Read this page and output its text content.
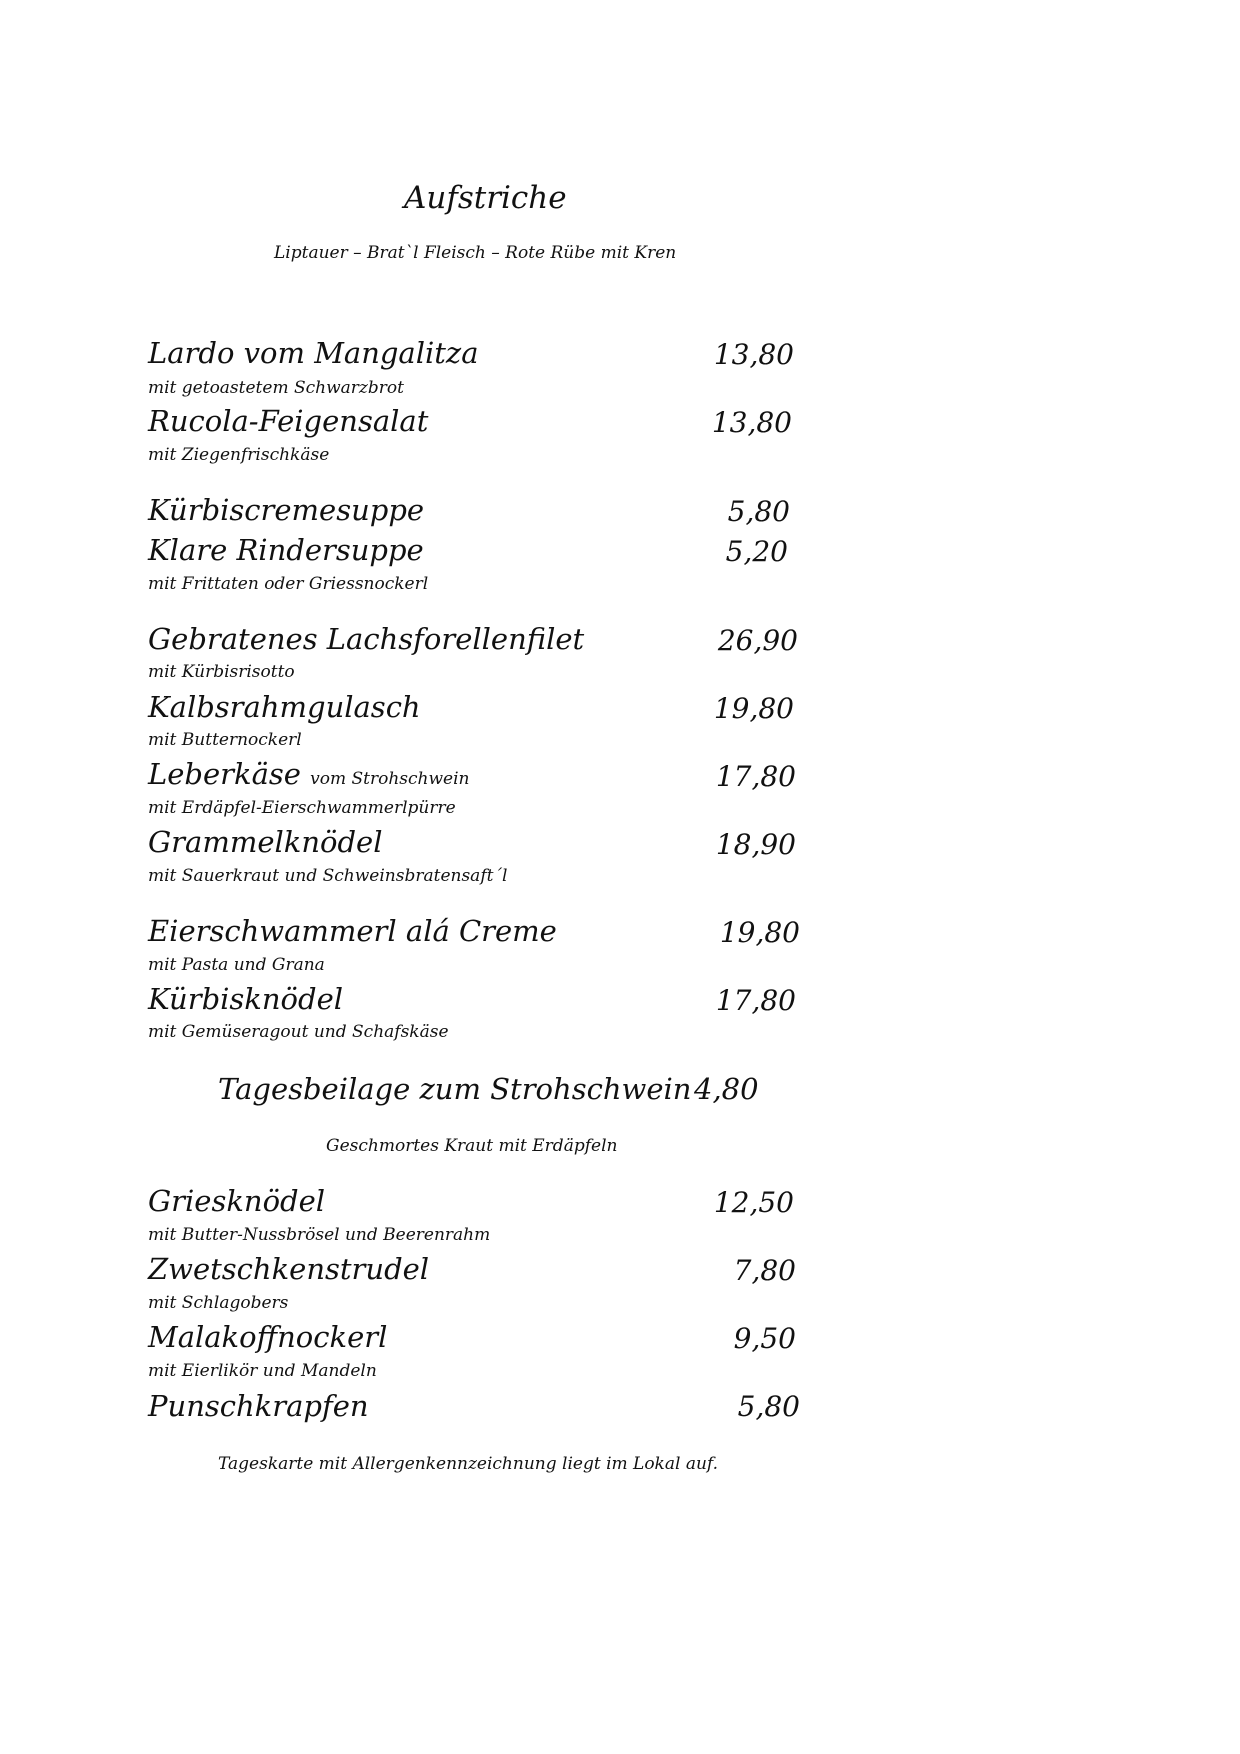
Aufstriche
Liptauer – Brat`l Fleisch – Rote Rübe mit Kren
Lardo vom Mangalitza	13,80
mit getoastetem Schwarzbrot
Rucola-Feigensalat	13,80
mit Ziegenfrischkäse
Kürbiscremesuppe	5,80
Klare Rindersuppe	5,20
mit Frittaten oder Griessnockerl
Gebratenes Lachsforellenfilet	26,90
mit Kürbisrisotto
Kalbsrahmgulasch	19,80
mit Butternockerl
Leberkäse vom Strohschwein	17,80
mit Erdäpfel-Eierschwammerlpürre
Grammelknödel	18,90
mit Sauerkraut und Schweinsbratensaft´l
Eierschwammerl alá Creme	19,80
mit Pasta und Grana
Kürbisknödel	17,80
mit Gemüseragout und Schafskäse
Tagesbeilage zum Strohschwein 4,80
Geschmortes Kraut mit Erdäpfeln
Griesknödel	12,50
mit Butter-Nussbrösel und Beerenrahm
Zwetschkenstrudel	7,80
mit Schlagobers
Malakoffnockerl	9,50
mit Eierlikör und Mandeln
Punschkrapfen	5,80
Tageskarte mit Allergenkennzeichnung liegt im Lokal auf.
